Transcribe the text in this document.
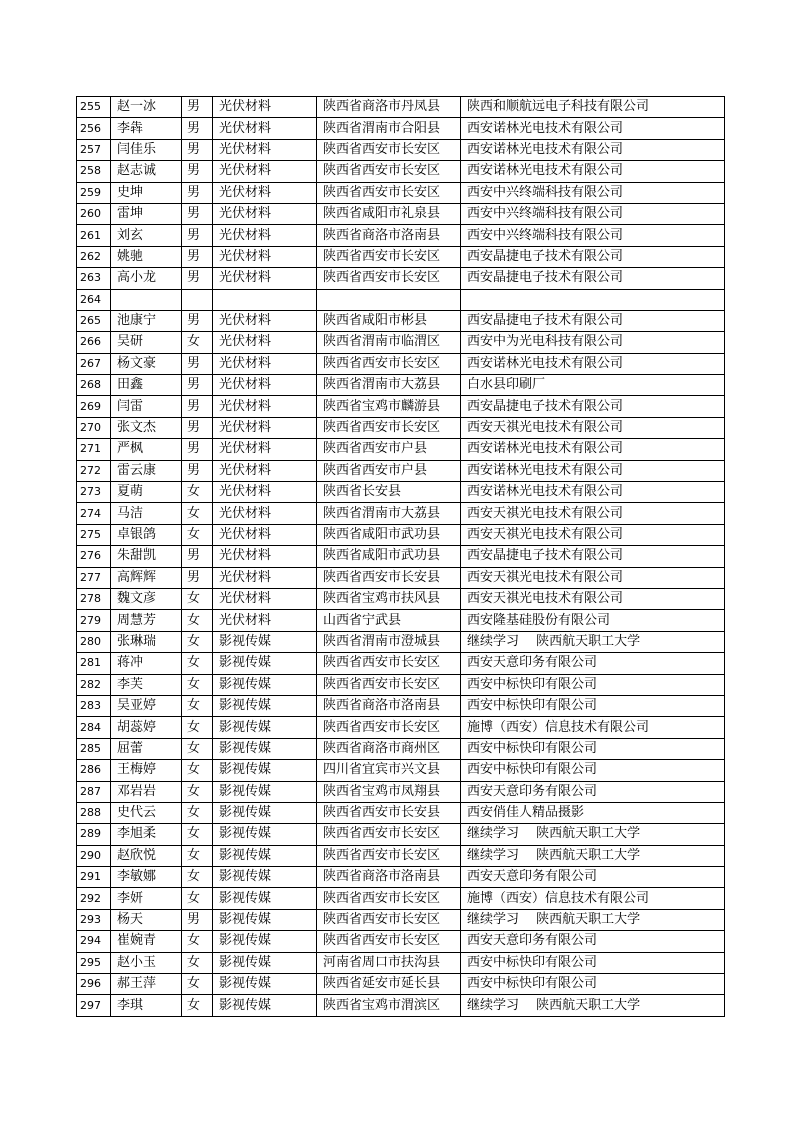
255	赵一冰	男	光伏材料	陕西省商洛市丹凤县	陕西和顺航远电子科技有限公司
256	李犇	男	光伏材料	陕西省渭南市合阳县	西安诺林光电技术有限公司
257	闫佳乐	男	光伏材料	陕西省西安市长安区	西安诺林光电技术有限公司
258	赵志诚	男	光伏材料	陕西省西安市长安区	西安诺林光电技术有限公司
259	史坤	男	光伏材料	陕西省西安市长安区	西安中兴终端科技有限公司
260	雷坤	男	光伏材料	陕西省咸阳市礼泉县	西安中兴终端科技有限公司
261	刘玄	男	光伏材料	陕西省商洛市洛南县	西安中兴终端科技有限公司
262	姚驰	男	光伏材料	陕西省西安市长安区	西安晶捷电子技术有限公司
263	高小龙	男	光伏材料	陕西省西安市长安区	西安晶捷电子技术有限公司
264					
265	池康宁	男	光伏材料	陕西省咸阳市彬县	西安晶捷电子技术有限公司
266	吴研	女	光伏材料	陕西省渭南市临渭区	西安中为光电科技有限公司
267	杨文豪	男	光伏材料	陕西省西安市长安区	西安诺林光电技术有限公司
268	田鑫	男	光伏材料	陕西省渭南市大荔县	白水县印刷厂
269	闫雷	男	光伏材料	陕西省宝鸡市麟游县	西安晶捷电子技术有限公司
270	张文杰	男	光伏材料	陕西省西安市长安区	西安天祺光电技术有限公司
271	严枫	男	光伏材料	陕西省西安市户县	西安诺林光电技术有限公司
272	雷云康	男	光伏材料	陕西省西安市户县	西安诺林光电技术有限公司
273	夏萌	女	光伏材料	陕西省长安县	西安诺林光电技术有限公司
274	马洁	女	光伏材料	陕西省渭南市大荔县	西安天祺光电技术有限公司
275	卓银鸽	女	光伏材料	陕西省咸阳市武功县	西安天祺光电技术有限公司
276	朱甜凯	男	光伏材料	陕西省咸阳市武功县	西安晶捷电子技术有限公司
277	高辉辉	男	光伏材料	陕西省西安市长安县	西安天祺光电技术有限公司
278	魏文彦	女	光伏材料	陕西省宝鸡市扶风县	西安天祺光电技术有限公司
279	周慧芳	女	光伏材料	山西省宁武县	西安隆基硅股份有限公司
280	张琳瑞	女	影视传媒	陕西省渭南市澄城县	继续学习　 陕西航天职工大学
281	蒋冲	女	影视传媒	陕西省西安市长安区	西安天意印务有限公司
282	李芙	女	影视传媒	陕西省西安市长安区	西安中标快印有限公司
283	吴亚婷	女	影视传媒	陕西省商洛市洛南县	西安中标快印有限公司
284	胡蕊婷	女	影视传媒	陕西省西安市长安区	施博（西安）信息技术有限公司
285	屈蕾	女	影视传媒	陕西省商洛市商州区	西安中标快印有限公司
286	王梅婷	女	影视传媒	四川省宜宾市兴文县	西安中标快印有限公司
287	邓岩岩	女	影视传媒	陕西省宝鸡市凤翔县	西安天意印务有限公司
288	史代云	女	影视传媒	陕西省西安市长安县	西安俏佳人精品摄影
289	李旭柔	女	影视传媒	陕西省西安市长安区	继续学习　 陕西航天职工大学
290	赵欣悦	女	影视传媒	陕西省西安市长安区	继续学习　 陕西航天职工大学
291	李敏娜	女	影视传媒	陕西省商洛市洛南县	西安天意印务有限公司
292	李妍	女	影视传媒	陕西省西安市长安区	施博（西安）信息技术有限公司
293	杨天	男	影视传媒	陕西省西安市长安区	继续学习　 陕西航天职工大学
294	崔婉青	女	影视传媒	陕西省西安市长安区	西安天意印务有限公司
295	赵小玉	女	影视传媒	河南省周口市扶沟县	西安中标快印有限公司
296	郝王萍	女	影视传媒	陕西省延安市延长县	西安中标快印有限公司
297	李琪	女	影视传媒	陕西省宝鸡市渭滨区	继续学习　 陕西航天职工大学
